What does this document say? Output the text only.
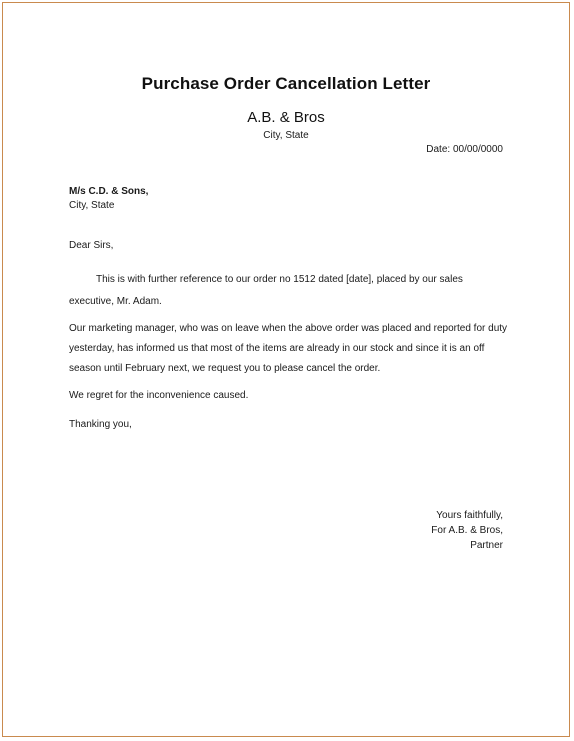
Purchase Order Cancellation Letter
A.B. & Bros
City, State
Date: 00/00/0000
M/s C.D. & Sons,
City, State
Dear Sirs,
This is with further reference to our order no 1512 dated [date], placed by our sales executive, Mr. Adam.
Our marketing manager, who was on leave when the above order was placed and reported for duty yesterday, has informed us that most of the items are already in our stock and since it is an off season until February next, we request you to please cancel the order.
We regret for the inconvenience caused.
Thanking you,
Yours faithfully,
For A.B. & Bros,
Partner
